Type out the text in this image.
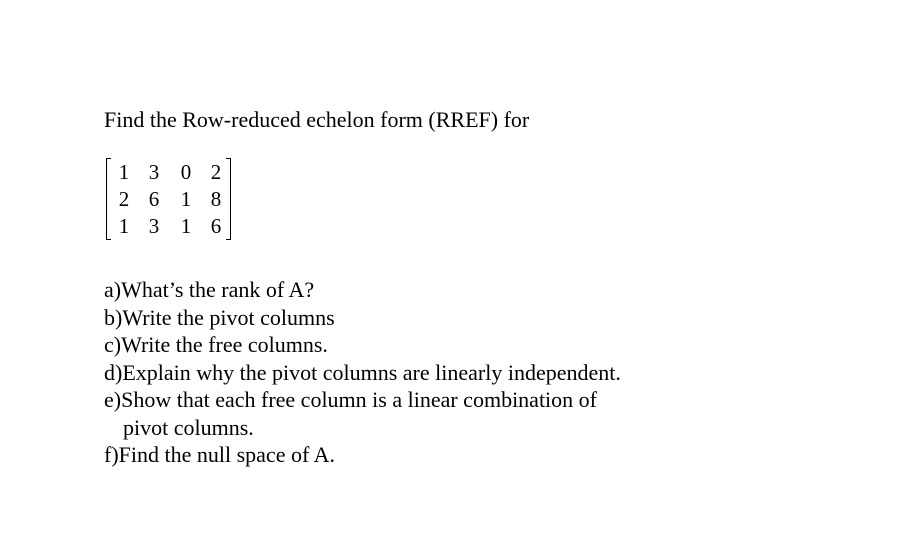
Find the Row-reduced echelon form (RREF) for
1 3 0 2
2 6 1 8
1 3 1 6
a)What’s the rank of A?
b)Write the pivot columns
c)Write the free columns.
d)Explain why the pivot columns are linearly independent.
e)Show that each free column is a linear combination of
pivot columns.
f)Find the null space of A.
